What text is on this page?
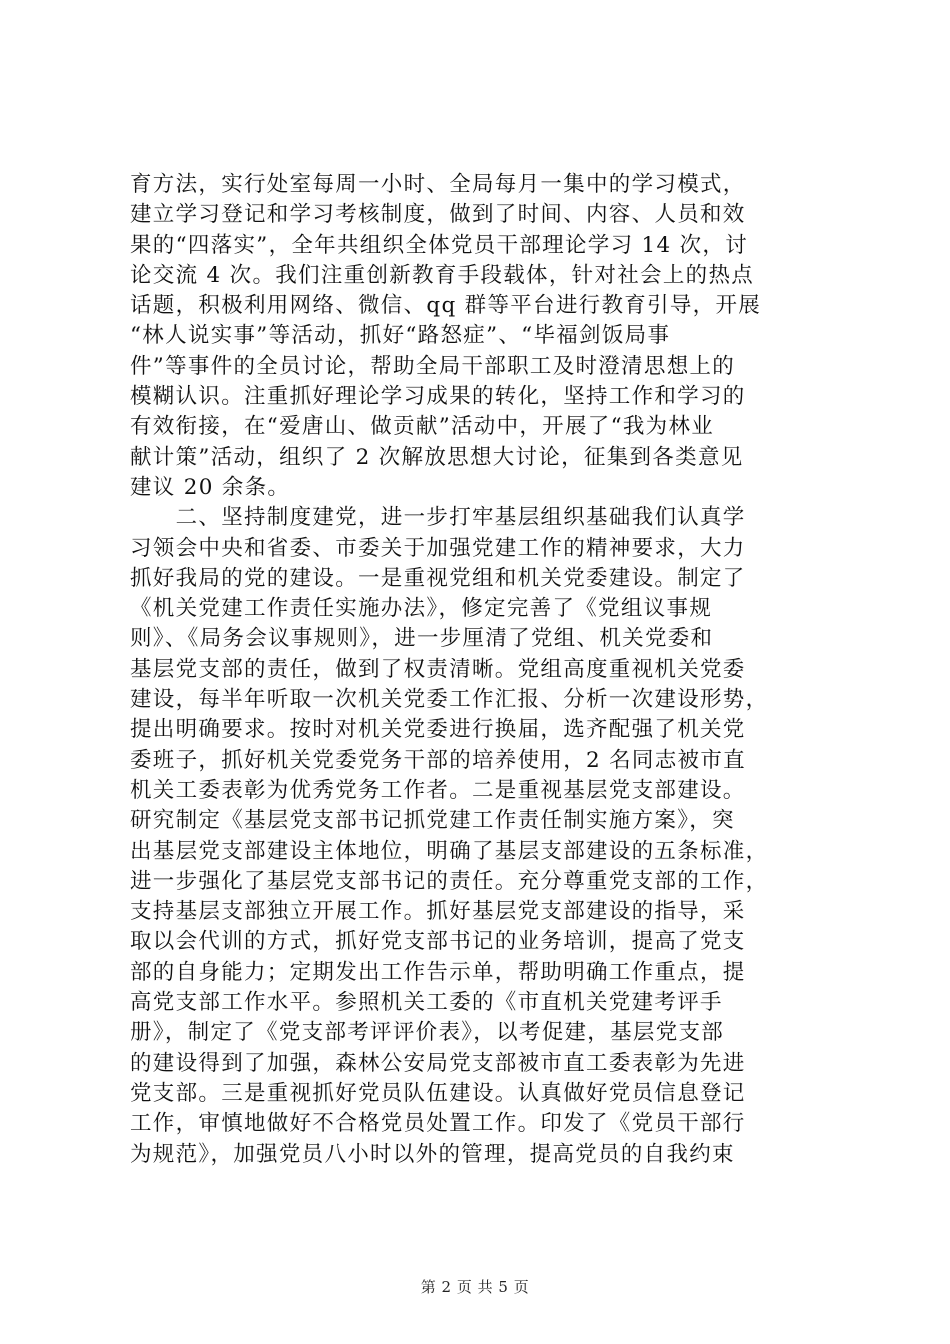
育方法，实行处室每周一小时、全局每月一集中的学习模式，
建立学习登记和学习考核制度，做到了时间、内容、人员和效
果的“四落实”，全年共组织全体党员干部理论学习 14 次，讨
论交流 4 次。我们注重创新教育手段载体，针对社会上的热点
话题，积极利用网络、微信、qq 群等平台进行教育引导，开展
“林人说实事”等活动，抓好“路怒症”、“毕福剑饭局事
件”等事件的全员讨论，帮助全局干部职工及时澄清思想上的
模糊认识。注重抓好理论学习成果的转化，坚持工作和学习的
有效衔接，在“爱唐山、做贡献”活动中，开展了“我为林业
献计策”活动，组织了 2 次解放思想大讨论，征集到各类意见
建议 20 余条。
　　二、坚持制度建党，进一步打牢基层组织基础我们认真学
习领会中央和省委、市委关于加强党建工作的精神要求，大力
抓好我局的党的建设。一是重视党组和机关党委建设。制定了
《机关党建工作责任实施办法》，修定完善了《党组议事规
则》、《局务会议事规则》，进一步厘清了党组、机关党委和
基层党支部的责任，做到了权责清晰。党组高度重视机关党委
建设，每半年听取一次机关党委工作汇报、分析一次建设形势，
提出明确要求。按时对机关党委进行换届，选齐配强了机关党
委班子，抓好机关党委党务干部的培养使用，2 名同志被市直
机关工委表彰为优秀党务工作者。二是重视基层党支部建设。
研究制定《基层党支部书记抓党建工作责任制实施方案》，突
出基层党支部建设主体地位，明确了基层支部建设的五条标准，
进一步强化了基层党支部书记的责任。充分尊重党支部的工作，
支持基层支部独立开展工作。抓好基层党支部建设的指导，采
取以会代训的方式，抓好党支部书记的业务培训，提高了党支
部的自身能力；定期发出工作告示单，帮助明确工作重点，提
高党支部工作水平。参照机关工委的《市直机关党建考评手
册》，制定了《党支部考评评价表》，以考促建，基层党支部
的建设得到了加强，森林公安局党支部被市直工委表彰为先进
党支部。三是重视抓好党员队伍建设。认真做好党员信息登记
工作，审慎地做好不合格党员处置工作。印发了《党员干部行
为规范》，加强党员八小时以外的管理，提高党员的自我约束
第 2 页 共 5 页
